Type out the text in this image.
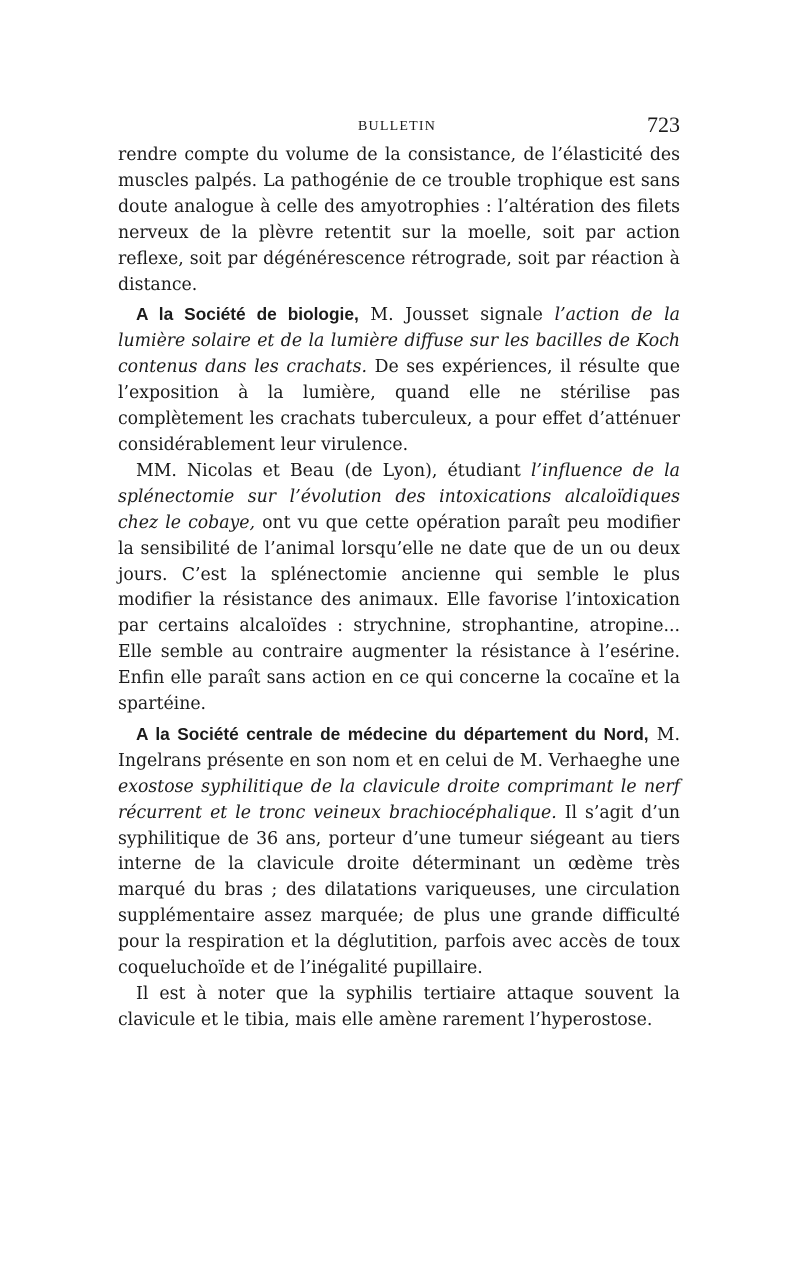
BULLETIN	723

rendre compte du volume de la consistance, de l’élasticité des muscles palpés. La pathogénie de ce trouble trophique est sans doute analogue à celle des amyotrophies : l’altération des filets nerveux de la plèvre retentit sur la moelle, soit par action reflexe, soit par dégénérescence rétrograde, soit par réaction à distance.

A la Société de biologie, M. Jousset signale l’action de la lumière solaire et de la lumière diffuse sur les bacilles de Koch contenus dans les crachats. De ses expériences, il résulte que l’exposition à la lumière, quand elle ne stérilise pas complètement les crachats tuberculeux, a pour effet d’atténuer considérablement leur virulence.

MM. Nicolas et Beau (de Lyon), étudiant l’influence de la splénectomie sur l’évolution des intoxications alcaloïdiques chez le cobaye, ont vu que cette opération paraît peu modifier la sensibilité de l’animal lorsqu’elle ne date que de un ou deux jours. C’est la splénectomie ancienne qui semble le plus modifier la résistance des animaux. Elle favorise l’intoxication par certains alcaloïdes : strychnine, strophantine, atropine... Elle semble au contraire augmenter la résistance à l’esérine. Enfin elle paraît sans action en ce qui concerne la cocaïne et la spartéine.

A la Société centrale de médecine du département du Nord, M. Ingelrans présente en son nom et en celui de M. Verhaeghe une exostose syphilitique de la clavicule droite comprimant le nerf récurrent et le tronc veineux brachiocéphalique. Il s’agit d’un syphilitique de 36 ans, porteur d’une tumeur siégeant au tiers interne de la clavicule droite déterminant un œdème très marqué du bras ; des dilatations variqueuses, une circulation supplémentaire assez marquée; de plus une grande difficulté pour la respiration et la déglutition, parfois avec accès de toux coqueluchoïde et de l’inégalité pupillaire.

Il est à noter que la syphilis tertiaire attaque souvent la clavicule et le tibia, mais elle amène rarement l’hyperostose.
